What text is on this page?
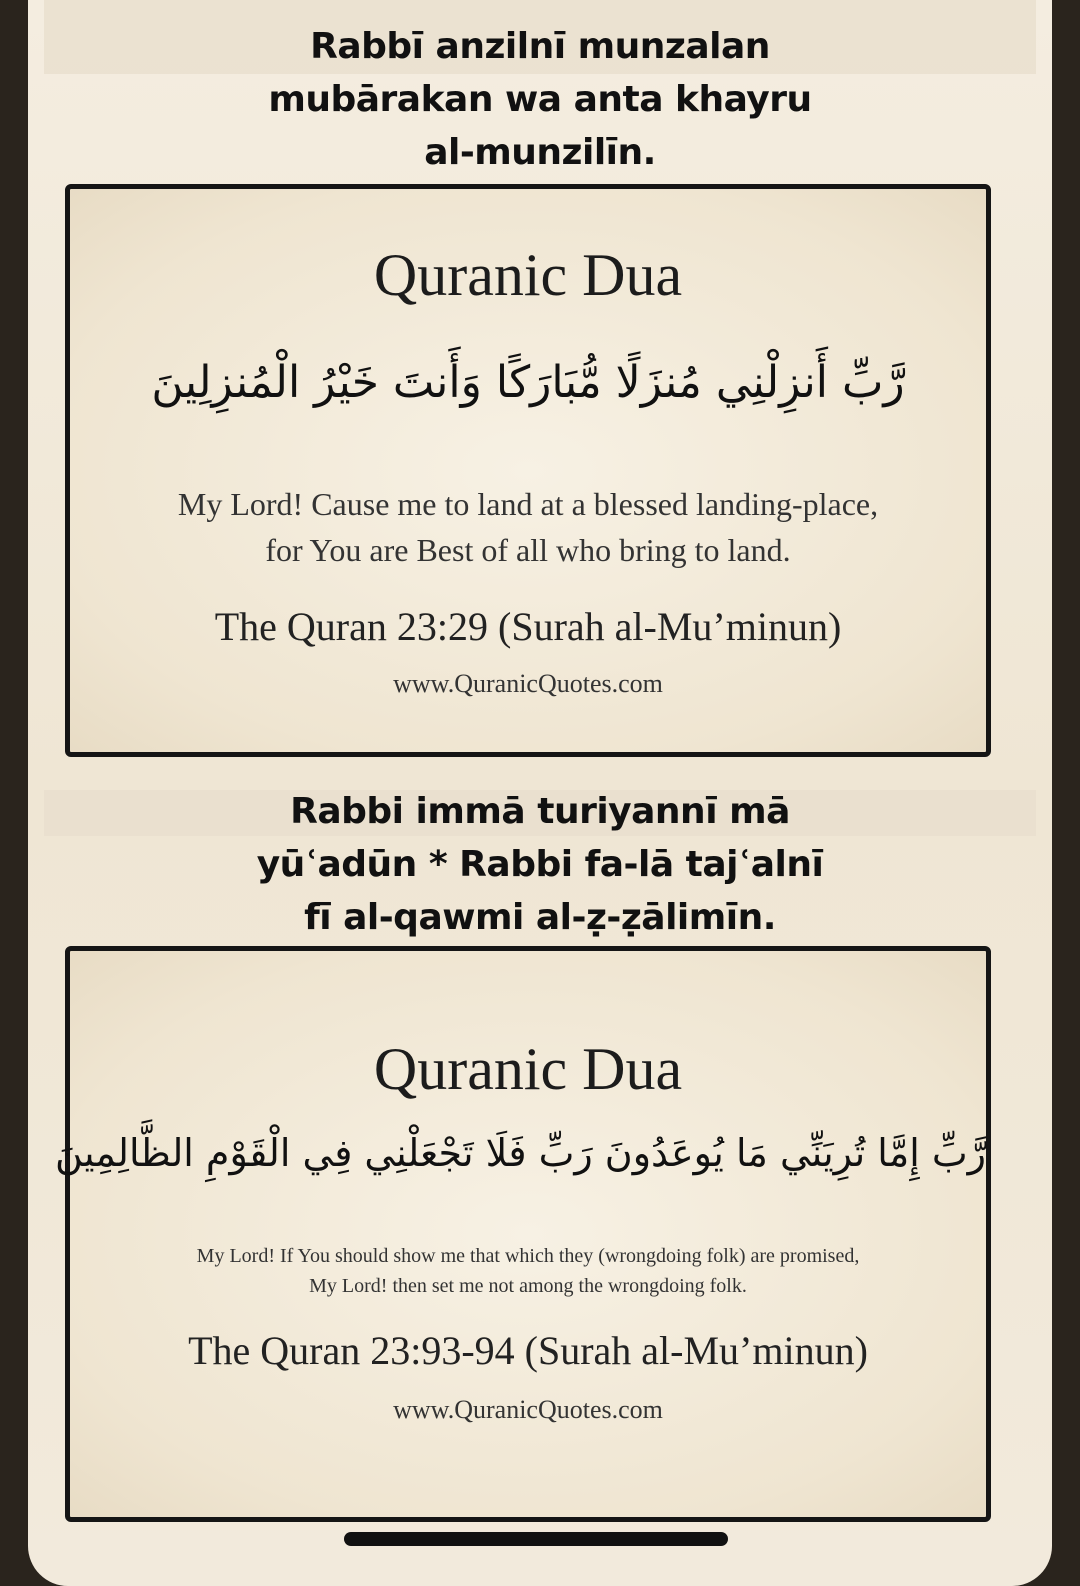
Rabbī anzilnī munzalan
mubārakan wa anta khayru
al-munzilīn.
Quranic Dua
رَّبِّ أَنزِلْنِي مُنزَلًا مُّبَارَكًا وَأَنتَ خَيْرُ الْمُنزِلِينَ
My Lord! Cause me to land at a blessed landing-place,
for You are Best of all who bring to land.
The Quran 23:29 (Surah al-Mu’minun)
www.QuranicQuotes.com
Rabbi immā turiyannī mā
yūʿadūn * Rabbi fa-lā tajʿalnī
fī al-qawmi al-ẓ-ẓālimīn.
Quranic Dua
رَّبِّ إِمَّا تُرِيَنِّي مَا يُوعَدُونَ رَبِّ فَلَا تَجْعَلْنِي فِي الْقَوْمِ الظَّالِمِينَ
My Lord! If You should show me that which they (wrongdoing folk) are promised,
My Lord! then set me not among the wrongdoing folk.
The Quran 23:93-94 (Surah al-Mu’minun)
www.QuranicQuotes.com
